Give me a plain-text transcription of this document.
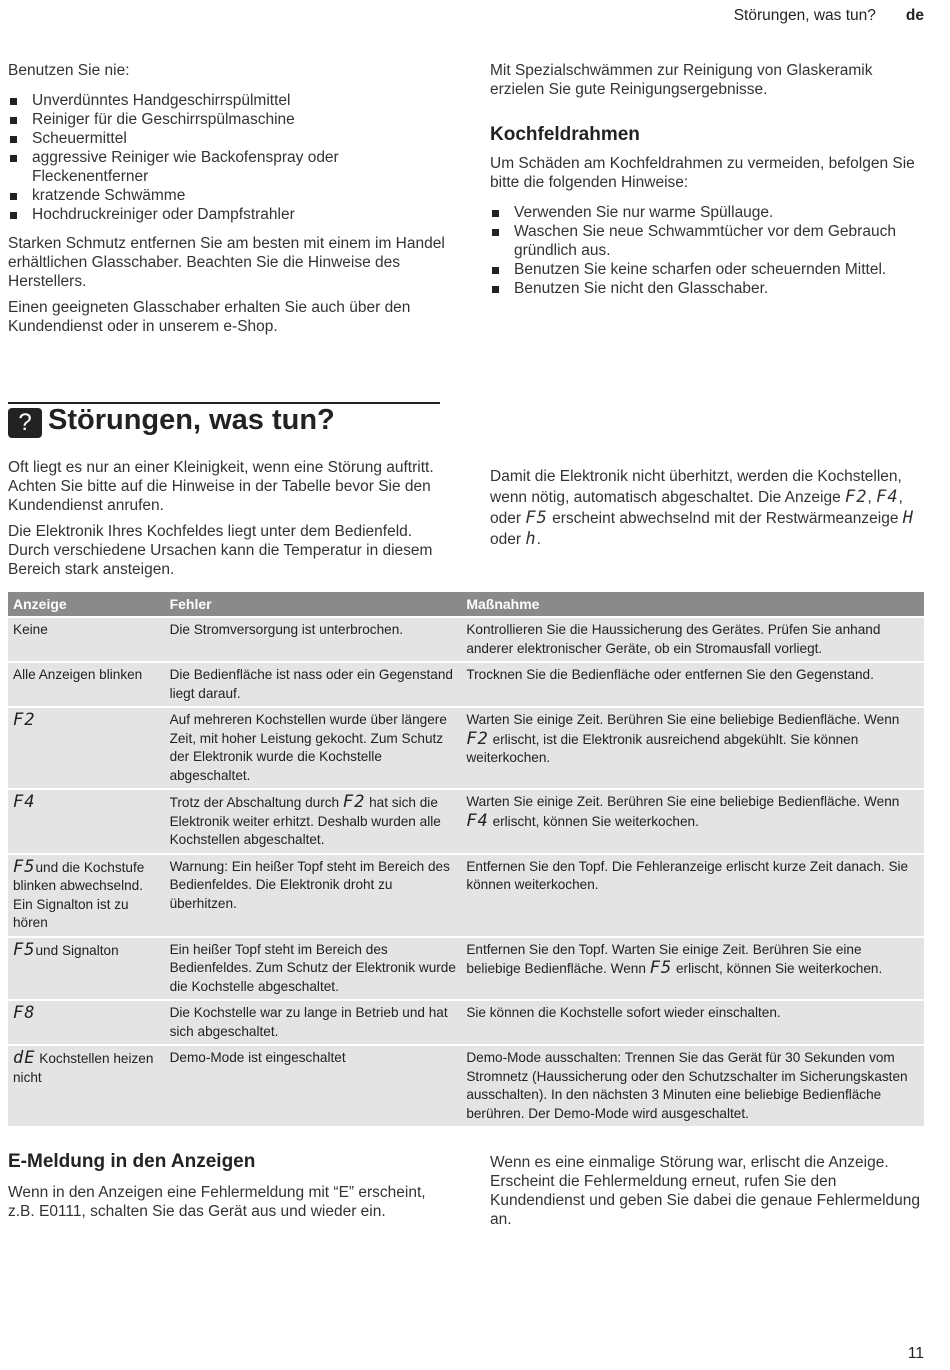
Störungen, was tun? de

Benutzen Sie nie:

Unverdünntes Handgeschirrspülmittel
Reiniger für die Geschirrspülmaschine
Scheuermittel
aggressive Reiniger wie Backofenspray oder Fleckenentferner
kratzende Schwämme
Hochdruckreiniger oder Dampfstrahler

Starken Schmutz entfernen Sie am besten mit einem im Handel erhältlichen Glasschaber. Beachten Sie die Hinweise des Herstellers.

Einen geeigneten Glasschaber erhalten Sie auch über den Kundendienst oder in unserem e-Shop.

Mit Spezialschwämmen zur Reinigung von Glaskeramik erzielen Sie gute Reinigungsergebnisse.

Kochfeldrahmen

Um Schäden am Kochfeldrahmen zu vermeiden, befolgen Sie bitte die folgenden Hinweise:

Verwenden Sie nur warme Spüllauge.
Waschen Sie neue Schwammtücher vor dem Gebrauch gründlich aus.
Benutzen Sie keine scharfen oder scheuernden Mittel.
Benutzen Sie nicht den Glasschaber.
? Störungen, was tun?

Oft liegt es nur an einer Kleinigkeit, wenn eine Störung auftritt. Achten Sie bitte auf die Hinweise in der Tabelle bevor Sie den Kundendienst anrufen.

Die Elektronik Ihres Kochfeldes liegt unter dem Bedienfeld. Durch verschiedene Ursachen kann die Temperatur in diesem Bereich stark ansteigen.

Damit die Elektronik nicht überhitzt, werden die Kochstellen, wenn nötig, automatisch abgeschaltet. Die Anzeige F2, F4, oder F5 erscheint abwechselnd mit der Restwärmeanzeige H oder h.

Anzeige	Fehler	Maßnahme
Keine	Die Stromversorgung ist unterbrochen.	Kontrollieren Sie die Haussicherung des Gerätes. Prüfen Sie anhand anderer elektronischer Geräte, ob ein Stromausfall vorliegt.
Alle Anzeigen blinken	Die Bedienfläche ist nass oder ein Gegenstand liegt darauf.	Trocknen Sie die Bedienfläche oder entfernen Sie den Gegenstand.
F2	Auf mehreren Kochstellen wurde über längere Zeit, mit hoher Leistung gekocht. Zum Schutz der Elektronik wurde die Kochstelle abgeschaltet.	Warten Sie einige Zeit. Berühren Sie eine beliebige Bedienfläche. Wenn F2 erlischt, ist die Elektronik ausreichend abgekühlt. Sie können weiterkochen.
F4	Trotz der Abschaltung durch F2 hat sich die Elektronik weiter erhitzt. Deshalb wurden alle Kochstellen abgeschaltet.	Warten Sie einige Zeit. Berühren Sie eine beliebige Bedienfläche. Wenn F4 erlischt, können Sie weiterkochen.
F5und die Kochstufe blinken abwechselnd. Ein Signalton ist zu hören	Warnung: Ein heißer Topf steht im Bereich des Bedienfeldes. Die Elektronik droht zu überhitzen.	Entfernen Sie den Topf. Die Fehleranzeige erlischt kurze Zeit danach. Sie können weiterkochen.
F5und Signalton	Ein heißer Topf steht im Bereich des Bedienfeldes. Zum Schutz der Elektronik wurde die Kochstelle abgeschaltet.	Entfernen Sie den Topf. Warten Sie einige Zeit. Berühren Sie eine beliebige Bedienfläche. Wenn F5 erlischt, können Sie weiterkochen.
F8	Die Kochstelle war zu lange in Betrieb und hat sich abgeschaltet.	Sie können die Kochstelle sofort wieder einschalten.
dE Kochstellen heizen nicht	Demo-Mode ist eingeschaltet	Demo-Mode ausschalten: Trennen Sie das Gerät für 30 Sekunden vom Stromnetz (Haussicherung oder den Schutzschalter im Sicherungskasten ausschalten). In den nächsten 3 Minuten eine beliebige Bedienfläche berühren. Der Demo-Mode wird ausgeschaltet.
E-Meldung in den Anzeigen

Wenn in den Anzeigen eine Fehlermeldung mit “E” erscheint, z.B. E0111, schalten Sie das Gerät aus und wieder ein.

Wenn es eine einmalige Störung war, erlischt die Anzeige. Erscheint die Fehlermeldung erneut, rufen Sie den Kundendienst und geben Sie dabei die genaue Fehlermeldung an.

11
